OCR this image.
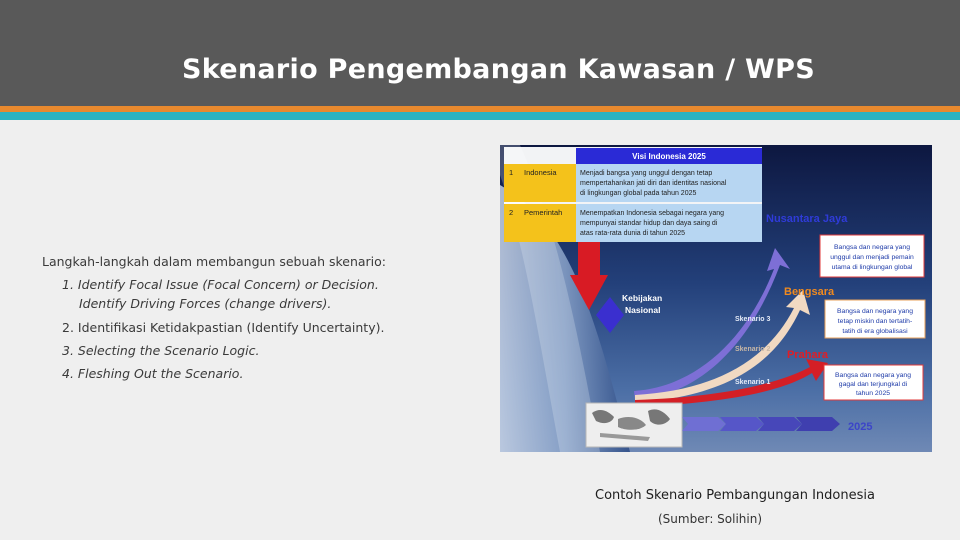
Skenario Pengembangan Kawasan / WPS
Langkah-langkah dalam membangun sebuah skenario:
1. Identify Focal Issue (Focal Concern) or Decision.
Identify Driving Forces (change drivers).
2. Identifikasi Ketidakpastian (Identify Uncertainty).
3. Selecting the Scenario Logic.
4. Fleshing Out the Scenario.
Visi Indonesia 2025
1 Indonesia	Menjadi bangsa yang unggul dengan tetap
mempertahankan jati diri dan identitas nasional
di lingkungan global pada tahun 2025
2 Pemerintah	Menempatkan Indonesia sebagai negara yang
mempunyai standar hidup dan daya saing di
atas rata-rata dunia di tahun 2025
Kebijakan
Nasional
Skenario 3
Skenario 2
Skenario 1
Nusantara Jaya
Bengsara
Prahara
Bangsa dan negara yang
unggul dan menjadi pemain
utama di lingkungan global
Bangsa dan negara yang
tetap miskin dan tertatih-
tatih di era globalisasi
Bangsa dan negara yang
gagal dan terjungkal di
tahun 2025
2025
Contoh Skenario Pembangungan Indonesia
(Sumber: Solihin)
